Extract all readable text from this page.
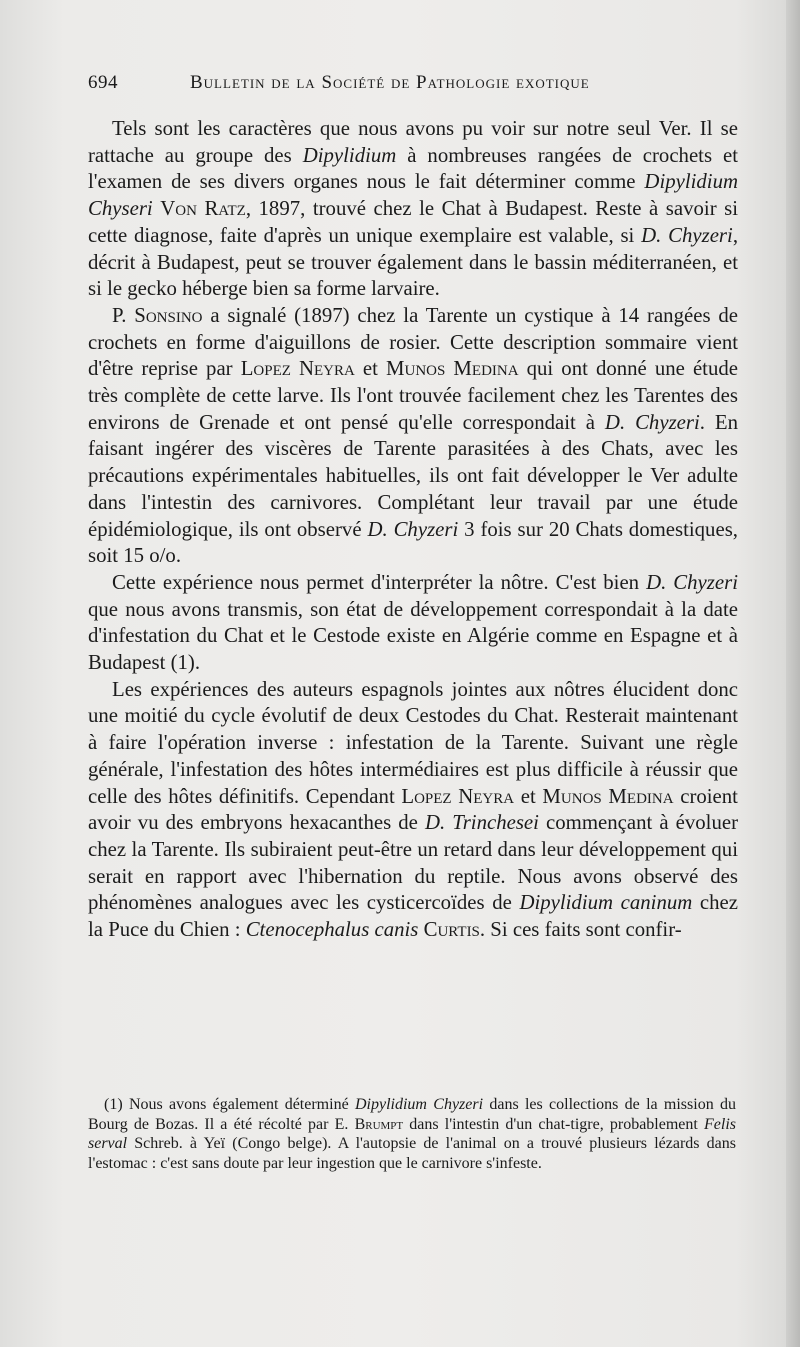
694	Bulletin de la Société de Pathologie exotique

Tels sont les caractères que nous avons pu voir sur notre seul Ver. Il se rattache au groupe des Dipylidium à nombreuses rangées de crochets et l'examen de ses divers organes nous le fait déterminer comme Dipylidium Chyseri Von Ratz, 1897, trouvé chez le Chat à Budapest. Reste à savoir si cette diagnose, faite d'après un unique exemplaire est valable, si D. Chyzeri, décrit à Budapest, peut se trouver également dans le bassin méditerranéen, et si le gecko héberge bien sa forme larvaire.

P. Sonsino a signalé (1897) chez la Tarente un cystique à 14 rangées de crochets en forme d'aiguillons de rosier. Cette description sommaire vient d'être reprise par Lopez Neyra et Munos Medina qui ont donné une étude très complète de cette larve. Ils l'ont trouvée facilement chez les Tarentes des environs de Grenade et ont pensé qu'elle correspondait à D. Chyzeri. En faisant ingérer des viscères de Tarente parasitées à des Chats, avec les précautions expérimentales habituelles, ils ont fait développer le Ver adulte dans l'intestin des carnivores. Complétant leur travail par une étude épidémiologique, ils ont observé D. Chyzeri 3 fois sur 20 Chats domestiques, soit 15 o/o.

Cette expérience nous permet d'interpréter la nôtre. C'est bien D. Chyzeri que nous avons transmis, son état de développement correspondait à la date d'infestation du Chat et le Cestode existe en Algérie comme en Espagne et à Budapest (1).

Les expériences des auteurs espagnols jointes aux nôtres élucident donc une moitié du cycle évolutif de deux Cestodes du Chat. Resterait maintenant à faire l'opération inverse : infestation de la Tarente. Suivant une règle générale, l'infestation des hôtes intermédiaires est plus difficile à réussir que celle des hôtes définitifs. Cependant Lopez Neyra et Munos Medina croient avoir vu des embryons hexacanthes de D. Trinchesei commençant à évoluer chez la Tarente. Ils subiraient peut-être un retard dans leur développement qui serait en rapport avec l'hibernation du reptile. Nous avons observé des phénomènes analogues avec les cysticercoïdes de Dipylidium caninum chez la Puce du Chien : Ctenocephalus canis Curtis. Si ces faits sont confir-

(1) Nous avons également déterminé Dipylidium Chyzeri dans les collections de la mission du Bourg de Bozas. Il a été récolté par E. Brumpt dans l'intestin d'un chat-tigre, probablement Felis serval Schreb. à Yeï (Congo belge). A l'autopsie de l'animal on a trouvé plusieurs lézards dans l'estomac : c'est sans doute par leur ingestion que le carnivore s'infeste.
